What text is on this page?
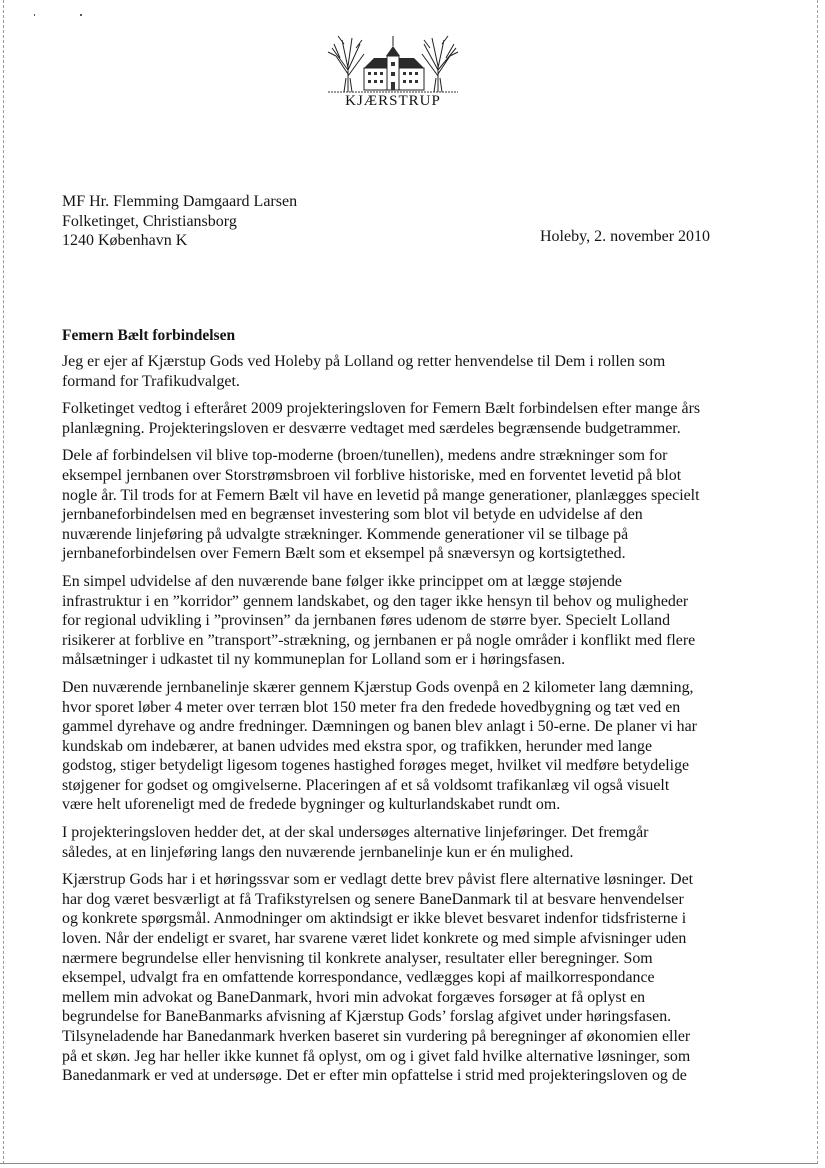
KJÆRSTRUP
MF Hr. Flemming Damgaard Larsen
Folketinget, Christiansborg
1240 København K	Holeby, 2. november 2010
Femern Bælt forbindelsen
Jeg er ejer af Kjærstup Gods ved Holeby på Lolland og retter henvendelse til Dem i rollen som
formand for Trafikudvalget.
Folketinget vedtog i efteråret 2009 projekteringsloven for Femern Bælt forbindelsen efter mange års
planlægning. Projekteringsloven er desværre vedtaget med særdeles begrænsende budgetrammer.
Dele af forbindelsen vil blive top-moderne (broen/tunellen), medens andre strækninger som for
eksempel jernbanen over Storstrømsbroen vil forblive historiske, med en forventet levetid på blot
nogle år. Til trods for at Femern Bælt vil have en levetid på mange generationer, planlægges specielt
jernbaneforbindelsen med en begrænset investering som blot vil betyde en udvidelse af den
nuværende linjeføring på udvalgte strækninger. Kommende generationer vil se tilbage på
jernbaneforbindelsen over Femern Bælt som et eksempel på snæversyn og kortsigtethed.
En simpel udvidelse af den nuværende bane følger ikke princippet om at lægge støjende
infrastruktur i en ”korridor” gennem landskabet, og den tager ikke hensyn til behov og muligheder
for regional udvikling i ”provinsen” da jernbanen føres udenom de større byer. Specielt Lolland
risikerer at forblive en ”transport”-strækning, og jernbanen er på nogle områder i konflikt med flere
målsætninger i udkastet til ny kommuneplan for Lolland som er i høringsfasen.
Den nuværende jernbanelinje skærer gennem Kjærstup Gods ovenpå en 2 kilometer lang dæmning,
hvor sporet løber 4 meter over terræn blot 150 meter fra den fredede hovedbygning og tæt ved en
gammel dyrehave og andre fredninger. Dæmningen og banen blev anlagt i 50-erne. De planer vi har
kundskab om indebærer, at banen udvides med ekstra spor, og trafikken, herunder med lange
godstog, stiger betydeligt ligesom togenes hastighed forøges meget, hvilket vil medføre betydelige
støjgener for godset og omgivelserne. Placeringen af et så voldsomt trafikanlæg vil også visuelt
være helt uforeneligt med de fredede bygninger og kulturlandskabet rundt om.
I projekteringsloven hedder det, at der skal undersøges alternative linjeføringer. Det fremgår
således, at en linjeføring langs den nuværende jernbanelinje kun er én mulighed.
Kjærstrup Gods har i et høringssvar som er vedlagt dette brev påvist flere alternative løsninger. Det
har dog været besværligt at få Trafikstyrelsen og senere BaneDanmark til at besvare henvendelser
og konkrete spørgsmål. Anmodninger om aktindsigt er ikke blevet besvaret indenfor tidsfristerne i
loven. Når der endeligt er svaret, har svarene været lidet konkrete og med simple afvisninger uden
nærmere begrundelse eller henvisning til konkrete analyser, resultater eller beregninger. Som
eksempel, udvalgt fra en omfattende korrespondance, vedlægges kopi af mailkorrespondance
mellem min advokat og BaneDanmark, hvori min advokat forgæves forsøger at få oplyst en
begrundelse for BaneBanmarks afvisning af Kjærstup Gods’ forslag afgivet under høringsfasen.
Tilsyneladende har Banedanmark hverken baseret sin vurdering på beregninger af økonomien eller
på et skøn. Jeg har heller ikke kunnet få oplyst, om og i givet fald hvilke alternative løsninger, som
Banedanmark er ved at undersøge. Det er efter min opfattelse i strid med projekteringsloven og de
